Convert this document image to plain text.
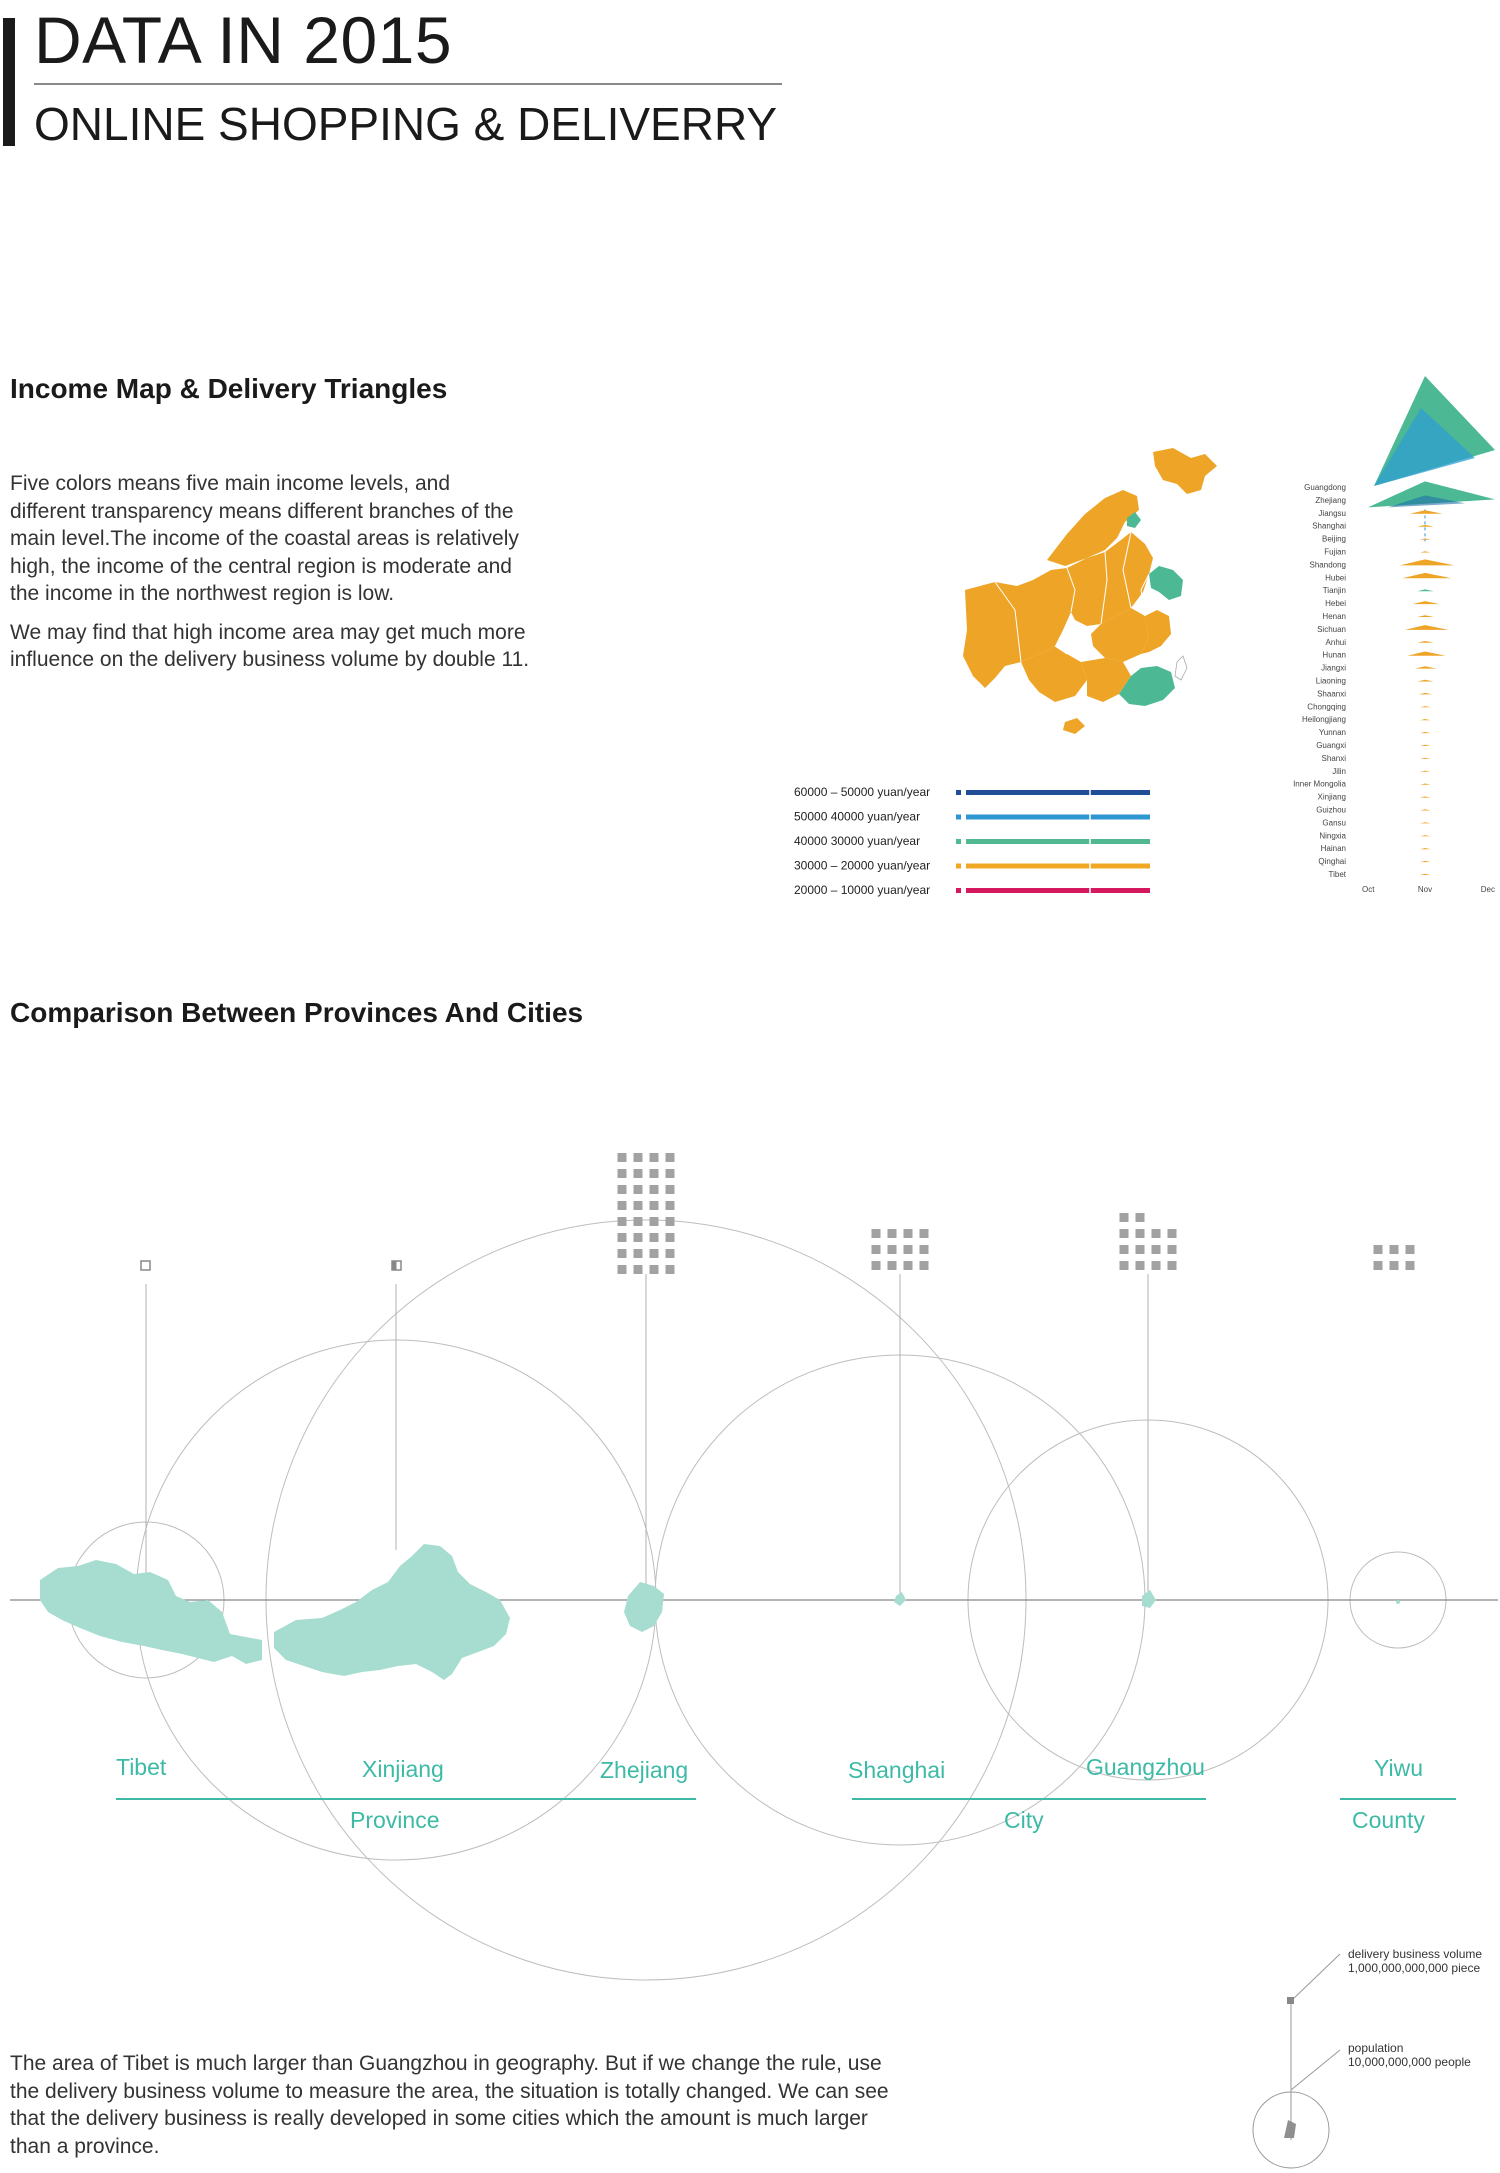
DATA IN 2015
ONLINE SHOPPING & DELIVERRY
Income Map & Delivery Triangles

Five colors means five main income levels, and different transparency means different branches of the main level.The income of the coastal areas is relatively high, the income of the central region is moderate and the income in the northwest region is low.

We may find that high income area may get much more influence on the delivery business volume by double 11.

60000 – 50000 yuan/year
50000 40000 yuan/year
40000 30000 yuan/year
30000 – 20000 yuan/year
20000 – 10000 yuan/year
Guangdong
Zhejiang
Jiangsu
Shanghai
Beijing
Fujian
Shandong
Hubei
Tianjin
Hebei
Henan
Sichuan
Anhui
Hunan
Jiangxi
Liaoning
Shaanxi
Chongqing
Heilongjiang
Yunnan
Guangxi
Shanxi
Jilin
Inner Mongolia
Xinjiang
Guizhou
Gansu
Ningxia
Hainan
Qinghai
Tibet
Oct	Nov	Dec
Comparison Between Provinces And Cities
Tibet	Xinjiang	Zhejiang	Shanghai	Guangzhou	Yiwu
Province	City	County
delivery business volume
1,000,000,000,000 piece
population
10,000,000,000 people

The area of Tibet is much larger than Guangzhou in geography. But if we change the rule, use the delivery business volume to measure the area, the situation is totally changed. We can see that the delivery business is really developed in some cities which the amount is much larger than a province.
